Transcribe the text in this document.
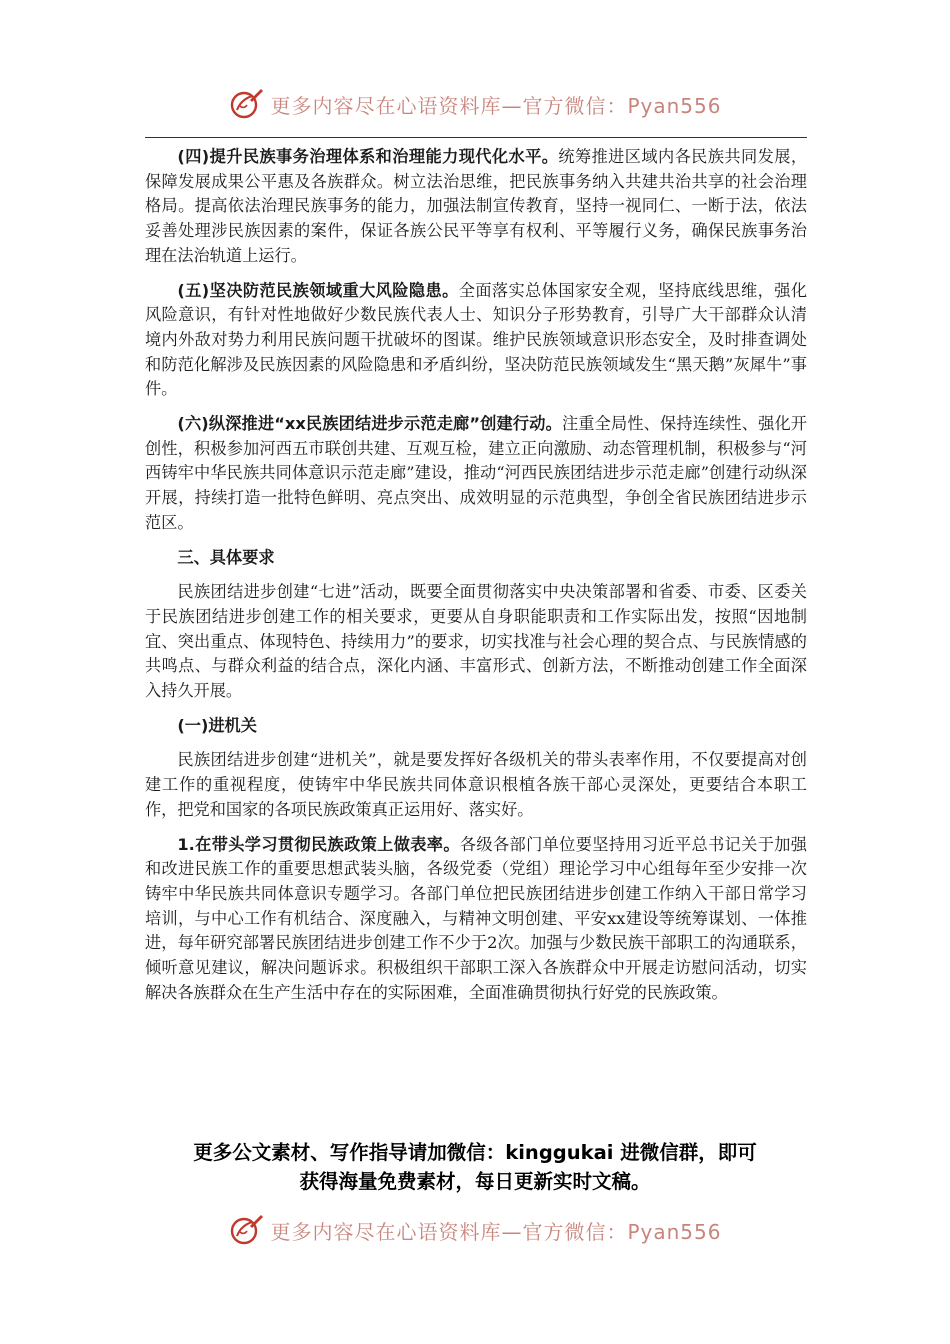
更多内容尽在心语资料库—官方微信：Pyan556

(四)提升民族事务治理体系和治理能力现代化水平。统筹推进区域内各民族共同发展，保障发展成果公平惠及各族群众。树立法治思维，把民族事务纳入共建共治共享的社会治理格局。提高依法治理民族事务的能力，加强法制宣传教育，坚持一视同仁、一断于法，依法妥善处理涉民族因素的案件，保证各族公民平等享有权利、平等履行义务，确保民族事务治理在法治轨道上运行。

(五)坚决防范民族领域重大风险隐患。全面落实总体国家安全观，坚持底线思维，强化风险意识，有针对性地做好少数民族代表人士、知识分子形势教育，引导广大干部群众认清境内外敌对势力利用民族问题干扰破坏的图谋。维护民族领域意识形态安全，及时排查调处和防范化解涉及民族因素的风险隐患和矛盾纠纷，坚决防范民族领域发生“黑天鹅”灰犀牛”事件。

(六)纵深推进“xx民族团结进步示范走廊”创建行动。注重全局性、保持连续性、强化开创性，积极参加河西五市联创共建、互观互检，建立正向激励、动态管理机制，积极参与“河西铸牢中华民族共同体意识示范走廊”建设，推动“河西民族团结进步示范走廊”创建行动纵深开展，持续打造一批特色鲜明、亮点突出、成效明显的示范典型，争创全省民族团结进步示范区。

三、具体要求

民族团结进步创建“七进”活动，既要全面贯彻落实中央决策部署和省委、市委、区委关于民族团结进步创建工作的相关要求，更要从自身职能职责和工作实际出发，按照“因地制宜、突出重点、体现特色、持续用力”的要求，切实找准与社会心理的契合点、与民族情感的共鸣点、与群众利益的结合点，深化内涵、丰富形式、创新方法，不断推动创建工作全面深入持久开展。

(一)进机关

民族团结进步创建“进机关”，就是要发挥好各级机关的带头表率作用，不仅要提高对创建工作的重视程度，使铸牢中华民族共同体意识根植各族干部心灵深处，更要结合本职工作，把党和国家的各项民族政策真正运用好、落实好。

1.在带头学习贯彻民族政策上做表率。各级各部门单位要坚持用习近平总书记关于加强和改进民族工作的重要思想武装头脑，各级党委（党组）理论学习中心组每年至少安排一次铸牢中华民族共同体意识专题学习。各部门单位把民族团结进步创建工作纳入干部日常学习培训，与中心工作有机结合、深度融入，与精神文明创建、平安xx建设等统筹谋划、一体推进，每年研究部署民族团结进步创建工作不少于2次。加强与少数民族干部职工的沟通联系，倾听意见建议，解决问题诉求。积极组织干部职工深入各族群众中开展走访慰问活动，切实解决各族群众在生产生活中存在的实际困难，全面准确贯彻执行好党的民族政策。

更多公文素材、写作指导请加微信：kinggukai 进微信群，即可
获得海量免费素材，每日更新实时文稿。
更多内容尽在心语资料库—官方微信：Pyan556
